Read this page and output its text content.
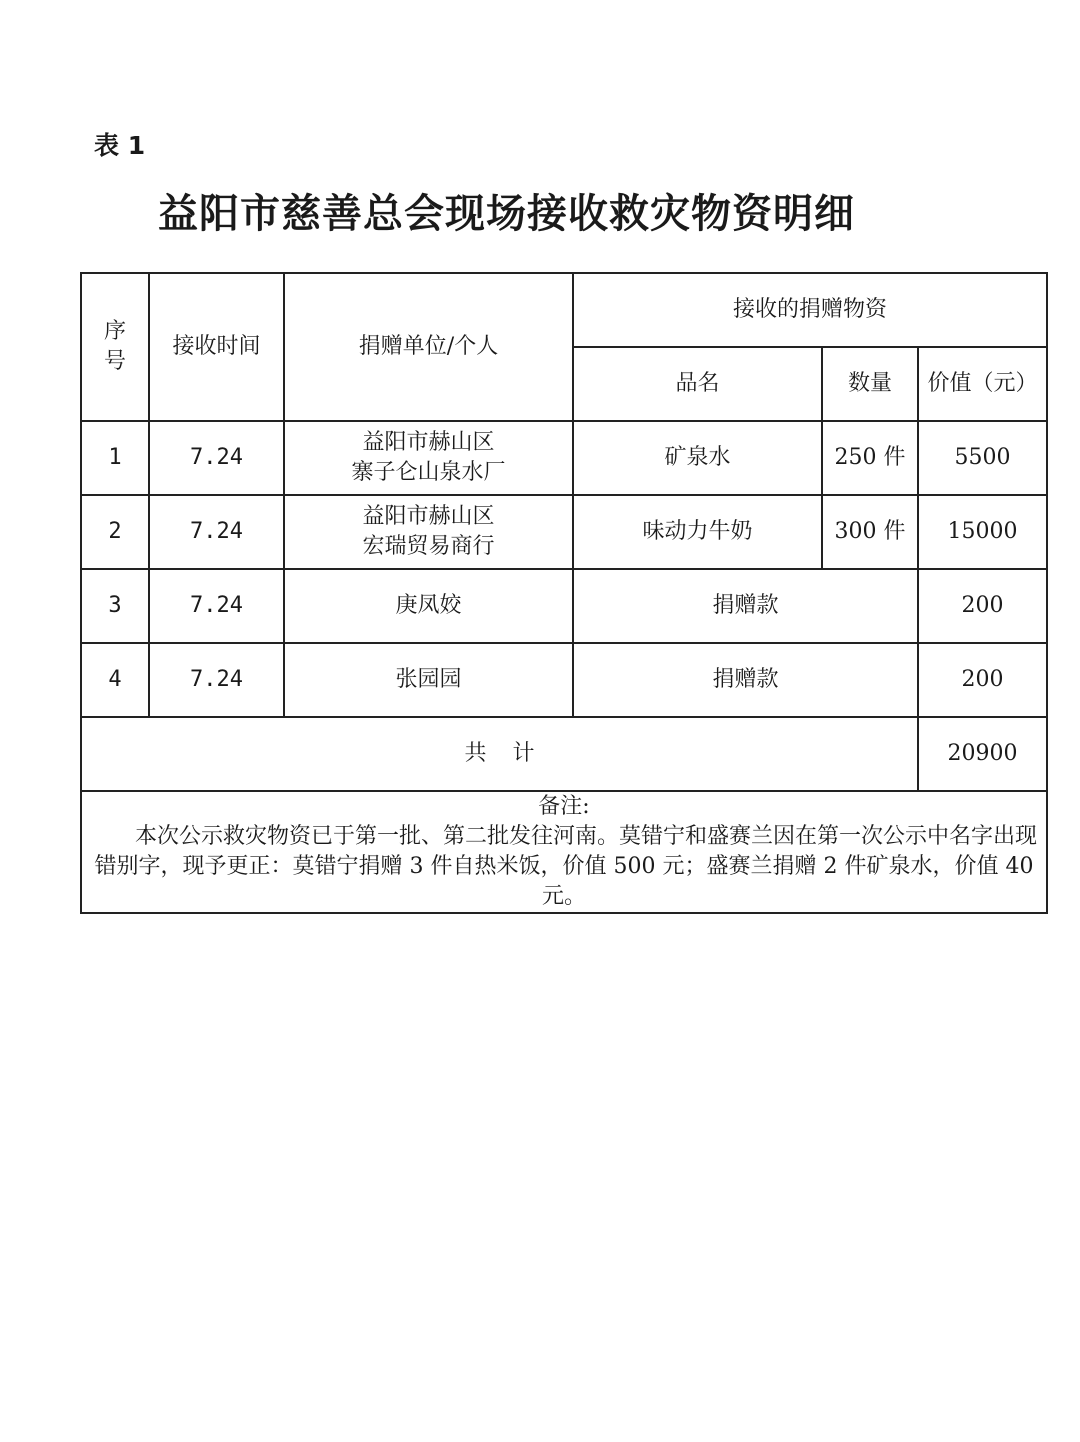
表 1
益阳市慈善总会现场接收救灾物资明细
序号	接收时间	捐赠单位/个人	接收的捐赠物资		
			品名	数量	价值（元）
1	7.24	益阳市赫山区
寨子仑山泉水厂	矿泉水	250 件	5500
2	7.24	益阳市赫山区
宏瑞贸易商行	味动力牛奶	300 件	15000
3	7.24	庚凤姣	捐赠款		200
4	7.24	张园园	捐赠款		200
共计					20900

备注:
本次公示救灾物资已于第一批、第二批发往河南。莫错宁和盛赛兰因在第一次公示中名字出现错别字，现予更正：莫错宁捐赠 3 件自热米饭，价值 500 元；盛赛兰捐赠 2 件矿泉水，价值 40 元。					
